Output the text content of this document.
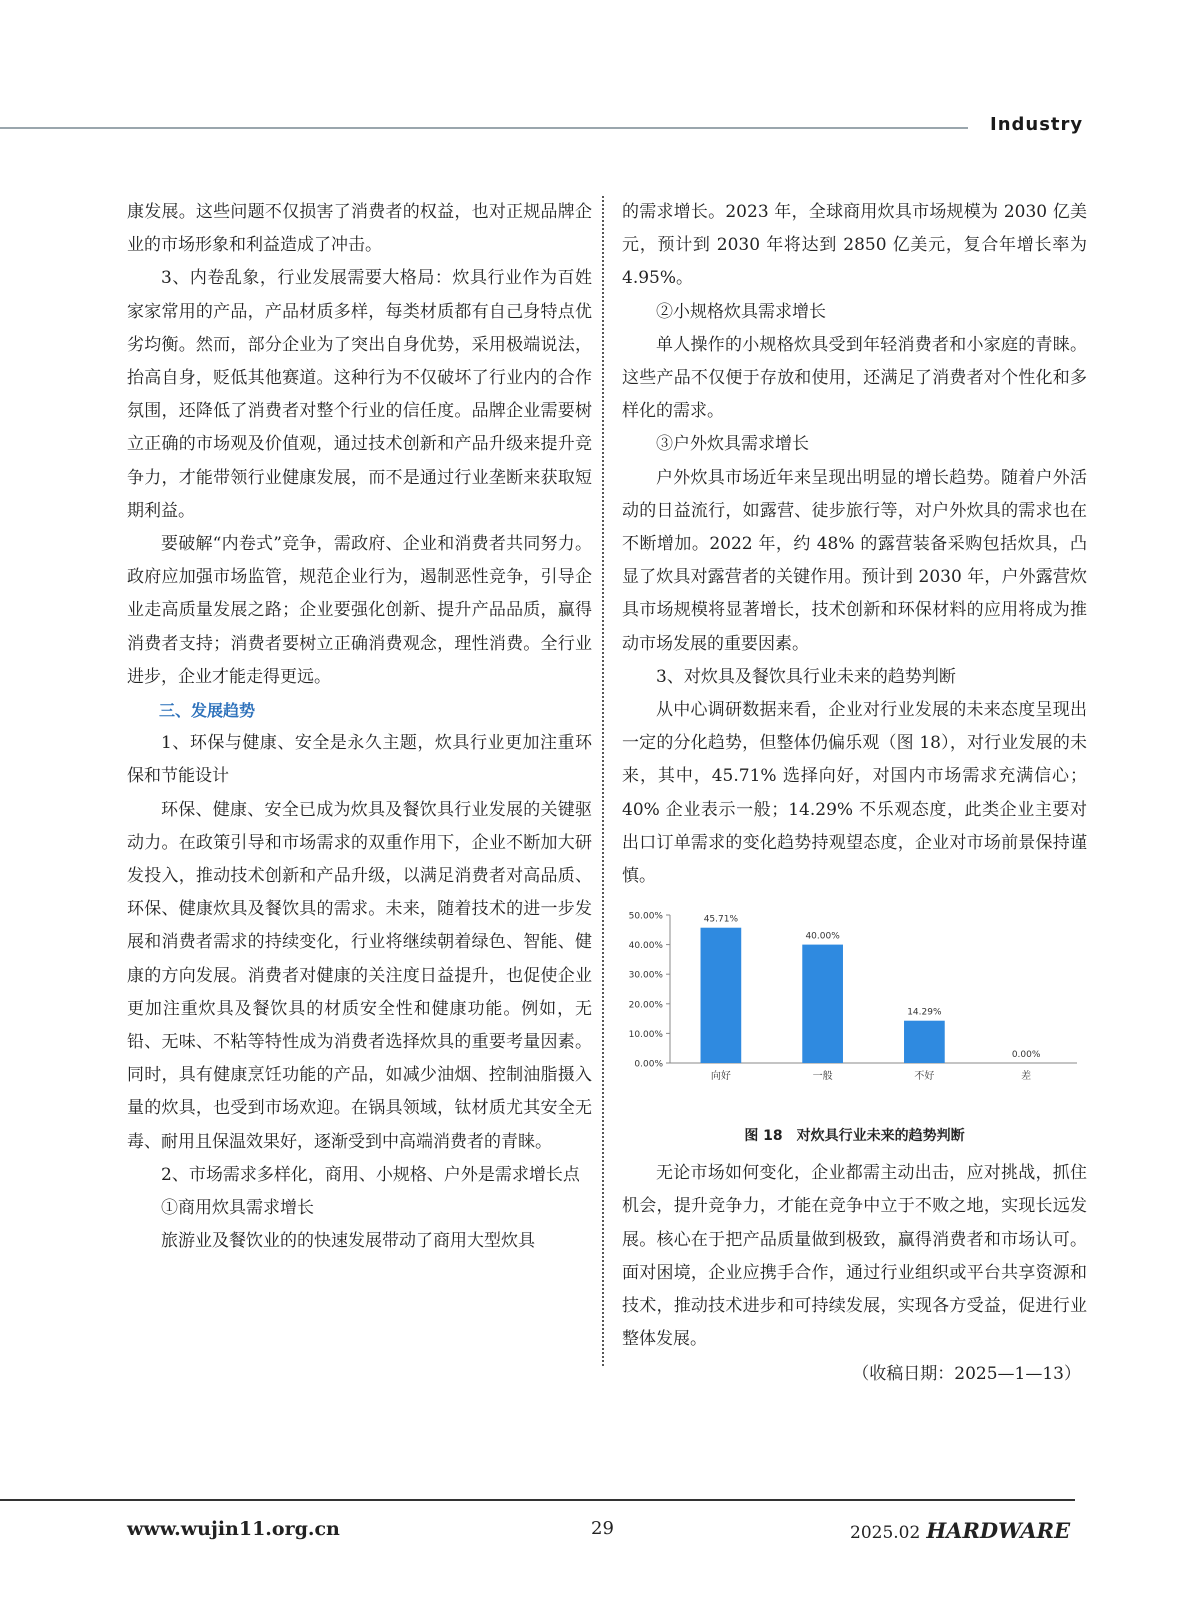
Industry

康发展。这些问题不仅损害了消费者的权益，也对正规品牌企业的市场形象和利益造成了冲击。

3、内卷乱象，行业发展需要大格局：炊具行业作为百姓家家常用的产品，产品材质多样，每类材质都有自己身特点优劣均衡。然而，部分企业为了突出自身优势，采用极端说法，抬高自身，贬低其他赛道。这种行为不仅破坏了行业内的合作氛围，还降低了消费者对整个行业的信任度。品牌企业需要树立正确的市场观及价值观，通过技术创新和产品升级来提升竞争力，才能带领行业健康发展，而不是通过行业垄断来获取短期利益。

要破解“内卷式”竞争，需政府、企业和消费者共同努力。政府应加强市场监管，规范企业行为，遏制恶性竞争，引导企业走高质量发展之路；企业要强化创新、提升产品品质，赢得消费者支持；消费者要树立正确消费观念，理性消费。全行业进步，企业才能走得更远。

三、发展趋势

1、环保与健康、安全是永久主题，炊具行业更加注重环保和节能设计

环保、健康、安全已成为炊具及餐饮具行业发展的关键驱动力。在政策引导和市场需求的双重作用下，企业不断加大研发投入，推动技术创新和产品升级，以满足消费者对高品质、环保、健康炊具及餐饮具的需求。未来，随着技术的进一步发展和消费者需求的持续变化，行业将继续朝着绿色、智能、健康的方向发展。消费者对健康的关注度日益提升，也促使企业更加注重炊具及餐饮具的材质安全性和健康功能。例如，无铅、无味、不粘等特性成为消费者选择炊具的重要考量因素。同时，具有健康烹饪功能的产品，如减少油烟、控制油脂摄入量的炊具，也受到市场欢迎。在锅具领域，钛材质尤其安全无毒、耐用且保温效果好，逐渐受到中高端消费者的青睐。

2、市场需求多样化，商用、小规格、户外是需求增长点

①商用炊具需求增长

旅游业及餐饮业的的快速发展带动了商用大型炊具

的需求增长。2023 年，全球商用炊具市场规模为 2030 亿美元，预计到 2030 年将达到 2850 亿美元，复合年增长率为 4.95%。

②小规格炊具需求增长

单人操作的小规格炊具受到年轻消费者和小家庭的青睐。这些产品不仅便于存放和使用，还满足了消费者对个性化和多样化的需求。

③户外炊具需求增长

户外炊具市场近年来呈现出明显的增长趋势。随着户外活动的日益流行，如露营、徒步旅行等，对户外炊具的需求也在不断增加。2022 年，约 48% 的露营装备采购包括炊具，凸显了炊具对露营者的关键作用。预计到 2030 年，户外露营炊具市场规模将显著增长，技术创新和环保材料的应用将成为推动市场发展的重要因素。

3、对炊具及餐饮具行业未来的趋势判断

从中心调研数据来看，企业对行业发展的未来态度呈现出一定的分化趋势，但整体仍偏乐观（图 18），对行业发展的未来，其中，45.71% 选择向好，对国内市场需求充满信心；40% 企业表示一般；14.29% 不乐观态度，此类企业主要对出口订单需求的变化趋势持观望态度，企业对市场前景保持谨慎。

0.00%
10.00%
20.00%
30.00%
40.00%
50.00%	45.71%
向好
40.00%
一般
14.29%
不好
0.00%
差
图 18　对炊具行业未来的趋势判断

无论市场如何变化，企业都需主动出击，应对挑战，抓住机会，提升竞争力，才能在竞争中立于不败之地，实现长远发展。核心在于把产品质量做到极致，赢得消费者和市场认可。面对困境，企业应携手合作，通过行业组织或平台共享资源和技术，推动技术进步和可持续发展，实现各方受益，促进行业整体发展。

（收稿日期：2025—1—13）

www.wujin11.org.cn	29	2025.02 HARDWARE
